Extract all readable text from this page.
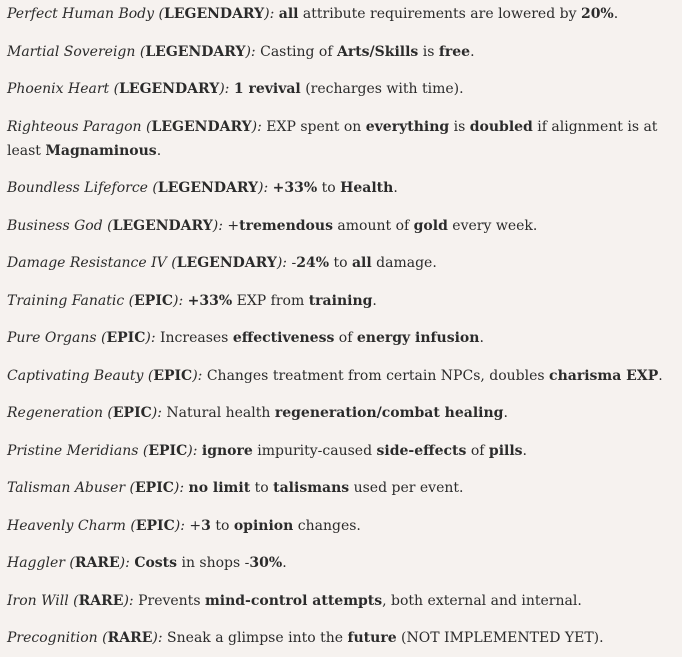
Perfect Human Body (LEGENDARY): all attribute requirements are lowered by 20%.
Martial Sovereign (LEGENDARY): Casting of Arts/Skills is free.
Phoenix Heart (LEGENDARY): 1 revival (recharges with time).
Righteous Paragon (LEGENDARY): EXP spent on everything is doubled if alignment is at least Magnaminous.
Boundless Lifeforce (LEGENDARY): +33% to Health.
Business God (LEGENDARY): +tremendous amount of gold every week.
Damage Resistance IV (LEGENDARY): -24% to all damage.
Training Fanatic (EPIC): +33% EXP from training.
Pure Organs (EPIC): Increases effectiveness of energy infusion.
Captivating Beauty (EPIC): Changes treatment from certain NPCs, doubles charisma EXP.
Regeneration (EPIC): Natural health regeneration/combat healing.
Pristine Meridians (EPIC): ignore impurity-caused side-effects of pills.
Talisman Abuser (EPIC): no limit to talismans used per event.
Heavenly Charm (EPIC): +3 to opinion changes.
Haggler (RARE): Costs in shops -30%.
Iron Will (RARE): Prevents mind-control attempts, both external and internal.
Precognition (RARE): Sneak a glimpse into the future (NOT IMPLEMENTED YET).
